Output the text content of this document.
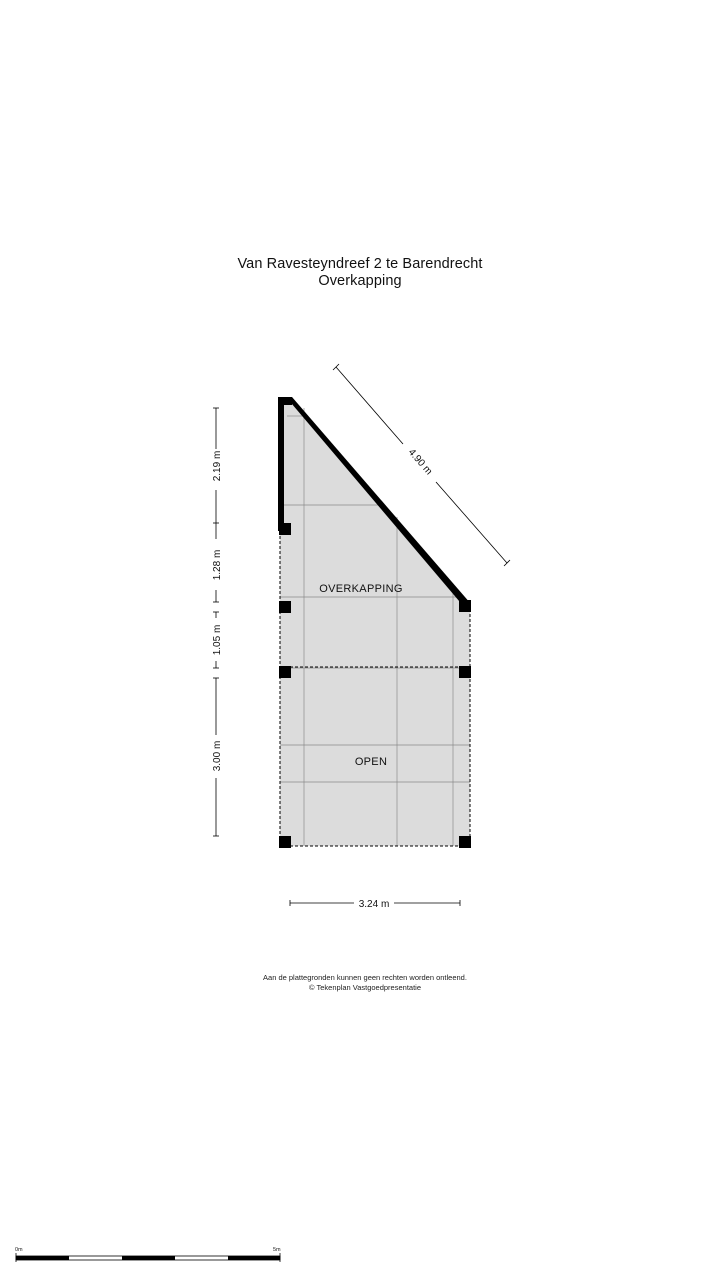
Van Ravesteyndreef 2 te Barendrecht
Overkapping
OVERKAPPING
OPEN
2.19 m
1.28 m
1.05 m
3.00 m
4.90 m
3.24 m
Aan de plattegronden kunnen geen rechten worden ontleend.
© Tekenplan Vastgoedpresentatie
0m	5m
